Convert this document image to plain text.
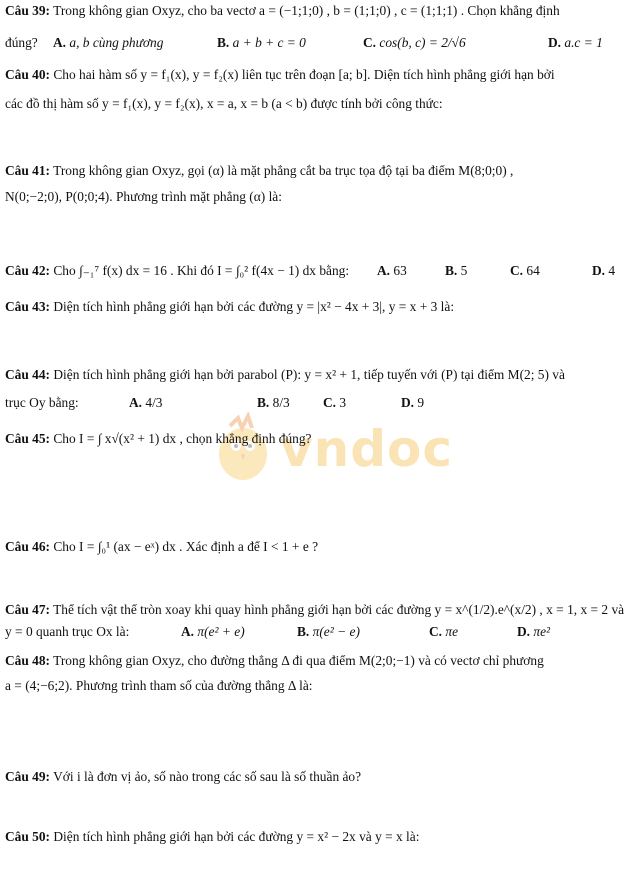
Câu 39: Trong không gian Oxyz, cho ba vectơ a = (−1;1;0) , b = (1;1;0) , c = (1;1;1) . Chọn khẳng định
đúng? A. a, b cùng phương	B. a + b + c = 0	C. cos(b, c) = 2/√6	D. a.c = 1
Câu 40: Cho hai hàm số y = f₁(x), y = f₂(x) liên tục trên đoạn [a; b]. Diện tích hình phẳng giới hạn bởi
các đồ thị hàm số y = f₁(x), y = f₂(x), x = a, x = b (a < b) được tính bởi công thức:
Câu 41: Trong không gian Oxyz, gọi (α) là mặt phẳng cắt ba trục tọa độ tại ba điểm M(8;0;0) ,
N(0;−2;0), P(0;0;4). Phương trình mặt phẳng (α) là:
Câu 42: Cho ∫₋₁⁷ f(x) dx = 16 . Khi đó I = ∫₀² f(4x − 1) dx bằng: A. 63	B. 5	C. 64	D. 4
Câu 43: Diện tích hình phẳng giới hạn bởi các đường y = |x² − 4x + 3|, y = x + 3 là:
Câu 44: Diện tích hình phẳng giới hạn bởi parabol (P): y = x² + 1, tiếp tuyến với (P) tại điểm M(2; 5) và
trục Oy bằng:	A. 4/3	B. 8/3 C. 3	D. 9
vndoc
Câu 45: Cho I = ∫ x√(x² + 1) dx , chọn khẳng định đúng?
Câu 46: Cho I = ∫₀¹ (ax − eˣ) dx . Xác định a để I < 1 + e ?
Câu 47: Thể tích vật thể tròn xoay khi quay hình phẳng giới hạn bởi các đường y = x^(1/2).e^(x/2) , x = 1, x = 2 và
y = 0 quanh trục Ox là:	A. π(e² + e)	B. π(e² − e)	C. πe	D. πe²
Câu 48: Trong không gian Oxyz, cho đường thẳng Δ đi qua điểm M(2;0;−1) và có vectơ chỉ phương
a = (4;−6;2). Phương trình tham số của đường thẳng Δ là:
Câu 49: Với i là đơn vị ảo, số nào trong các số sau là số thuần ảo?
Câu 50: Diện tích hình phẳng giới hạn bởi các đường y = x² − 2x và y = x là:
